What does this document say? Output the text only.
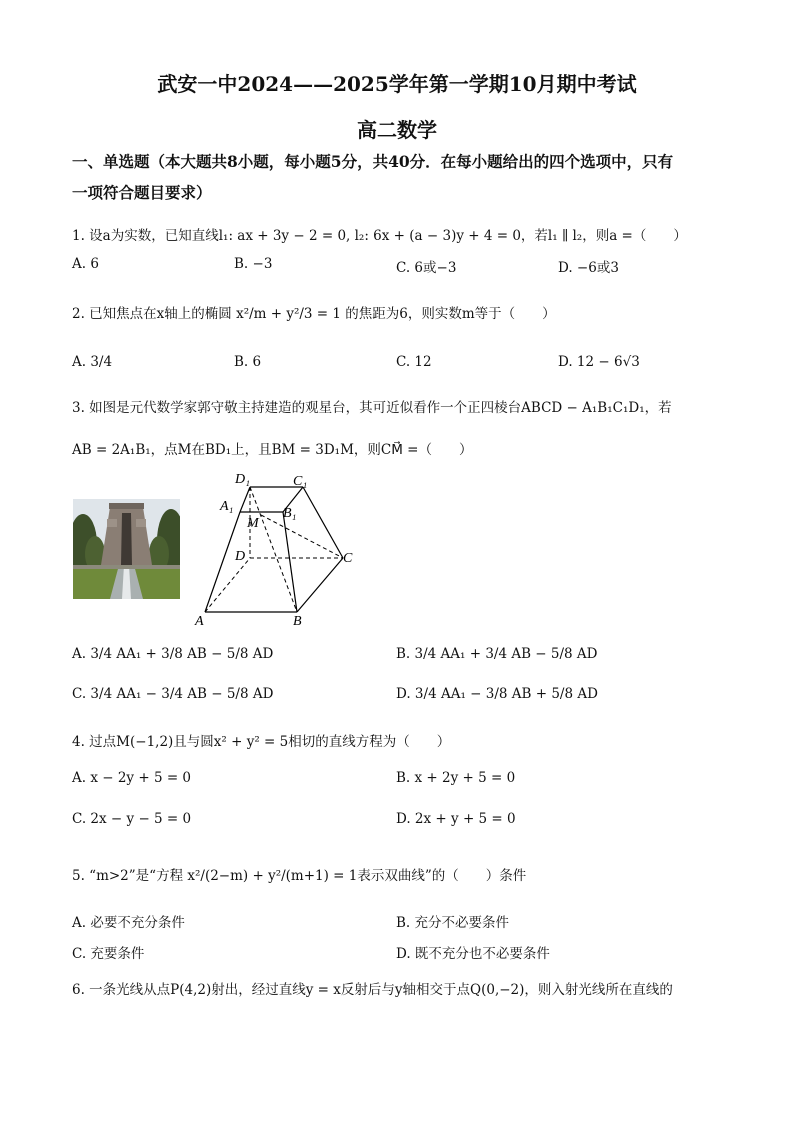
武安一中2024——2025学年第一学期10月期中考试
高二数学
一、单选题（本大题共8小题，每小题5分，共40分．在每小题给出的四个选项中，只有
一项符合题目要求）
1. 设a为实数，已知直线l₁: ax + 3y − 2 = 0, l₂: 6x + (a − 3)y + 4 = 0，若l₁ ∥ l₂，则a =（　　）
A. 6	B. −3	C. 6或−3	D. −6或3
2. 已知焦点在x轴上的椭圆 x²/m + y²/3 = 1 的焦距为6，则实数m等于（　　）
A. 3/4	B. 6	C. 12	D. 12 − 6√3
3. 如图是元代数学家郭守敬主持建造的观星台，其可近似看作一个正四棱台ABCD − A₁B₁C₁D₁，若
AB = 2A₁B₁，点M在BD₁上，且BM = 3D₁M，则CM⃗ =（　　）
D₁	C₁
A₁	B₁
M
D	C
A	B
A. 3/4 AA₁ + 3/8 AB − 5/8 AD	B. 3/4 AA₁ + 3/4 AB − 5/8 AD
C. 3/4 AA₁ − 3/4 AB − 5/8 AD	D. 3/4 AA₁ − 3/8 AB + 5/8 AD
4. 过点M(−1,2)且与圆x² + y² = 5相切的直线方程为（　　）
A. x − 2y + 5 = 0	B. x + 2y + 5 = 0
C. 2x − y − 5 = 0	D. 2x + y + 5 = 0
5. “m>2”是“方程 x²/(2−m) + y²/(m+1) = 1表示双曲线”的（　　）条件
A. 必要不充分条件	B. 充分不必要条件
C. 充要条件	D. 既不充分也不必要条件
6. 一条光线从点P(4,2)射出，经过直线y = x反射后与y轴相交于点Q(0,−2)，则入射光线所在直线的
